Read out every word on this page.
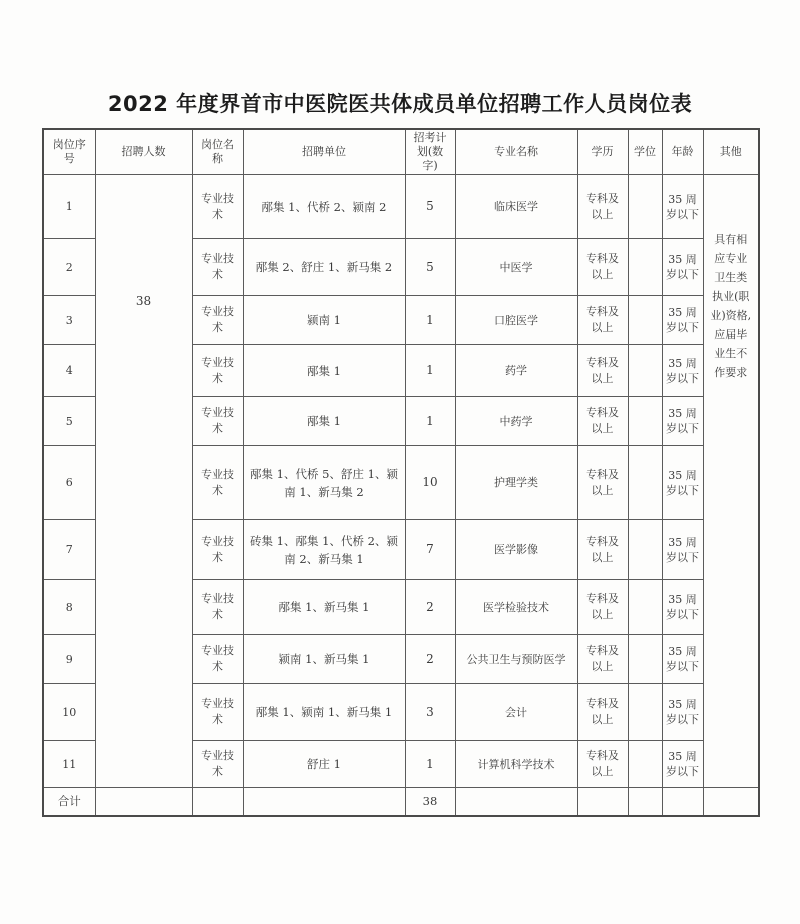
2022 年度界首市中医院医共体成员单位招聘工作人员岗位表
岗位序号	招聘人数	岗位名称	招聘单位	招考计划(数字)	专业名称	学历	学位	年龄	其他
1	38	专业技术	邴集 1、代桥 2、颍南 2	5	临床医学	专科及以上		35 周岁以下	具有相应专业卫生类执业(职业)资格,应届毕业生不作要求
2		专业技术	邴集 2、舒庄 1、新马集 2	5	中医学	专科及以上		35 周岁以下	
3		专业技术	颍南 1	1	口腔医学	专科及以上		35 周岁以下	
4		专业技术	邴集 1	1	药学	专科及以上		35 周岁以下	
5		专业技术	邴集 1	1	中药学	专科及以上		35 周岁以下	
6		专业技术	邴集 1、代桥 5、舒庄 1、颍南 1、新马集 2	10	护理学类	专科及以上		35 周岁以下	
7		专业技术	砖集 1、邴集 1、代桥 2、颍南 2、新马集 1	7	医学影像	专科及以上		35 周岁以下	
8		专业技术	邴集 1、新马集 1	2	医学检验技术	专科及以上		35 周岁以下	
9		专业技术	颍南 1、新马集 1	2	公共卫生与预防医学	专科及以上		35 周岁以下	
10		专业技术	邴集 1、颍南 1、新马集 1	3	会计	专科及以上		35 周岁以下	
11		专业技术	舒庄 1	1	计算机科学技术	专科及以上		35 周岁以下	
合计				38					
